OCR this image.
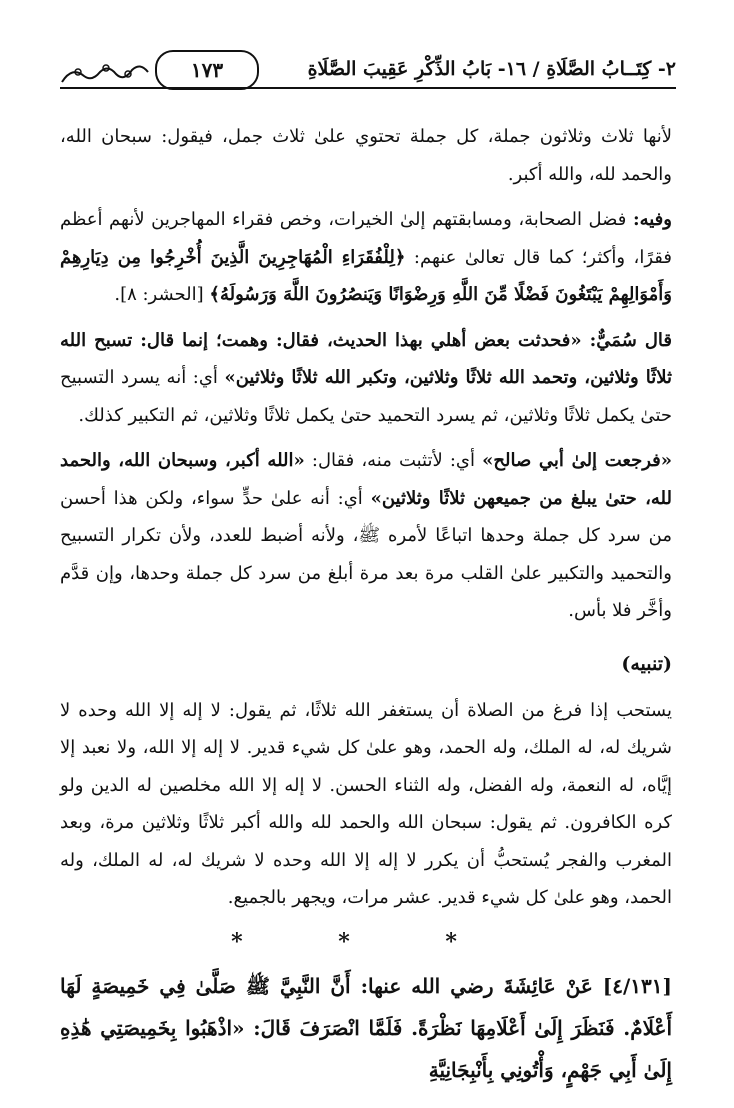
١٧٣	٢- كِتَــابُ الصَّلَاةِ / ١٦- بَابُ الذِّكْرِ عَقِيبَ الصَّلَاةِ

لأنها ثلاث وثلاثون جملة، كل جملة تحتوي علىٰ ثلاث جمل، فيقول: سبحان الله، والحمد لله، والله أكبر.

وفيه: فضل الصحابة، ومسابقتهم إلىٰ الخيرات، وخص فقراء المهاجرين لأنهم أعظم فقرًا، وأكثر؛ كما قال تعالىٰ عنهم: ﴿لِلْفُقَرَاءِ الْمُهَاجِرِينَ الَّذِينَ أُخْرِجُوا مِن دِيَارِهِمْ وَأَمْوَالِهِمْ يَبْتَغُونَ فَضْلًا مِّنَ اللَّهِ وَرِضْوَانًا وَيَنصُرُونَ اللَّهَ وَرَسُولَهُ﴾ [الحشر: ٨].

قال سُمَيٌّ: «فحدثت بعض أهلي بهذا الحديث، فقال: وهمت؛ إنما قال: تسبح الله ثلاثًا وثلاثين، وتحمد الله ثلاثًا وثلاثين، وتكبر الله ثلاثًا وثلاثين» أي: أنه يسرد التسبيح حتىٰ يكمل ثلاثًا وثلاثين، ثم يسرد التحميد حتىٰ يكمل ثلاثًا وثلاثين، ثم التكبير كذلك.

«فرجعت إلىٰ أبي صالح» أي: لأتثبت منه، فقال: «الله أكبر، وسبحان الله، والحمد لله، حتىٰ يبلغ من جميعهن ثلاثًا وثلاثين» أي: أنه علىٰ حدٍّ سواء، ولكن هذا أحسن من سرد كل جملة وحدها اتباعًا لأمره ﷺ، ولأنه أضبط للعدد، ولأن تكرار التسبيح والتحميد والتكبير علىٰ القلب مرة بعد مرة أبلغ من سرد كل جملة وحدها، وإن قدَّم وأخَّر فلا بأس.

(تنبيه)

يستحب إذا فرغ من الصلاة أن يستغفر الله ثلاثًا، ثم يقول: لا إله إلا الله وحده لا شريك له، له الملك، وله الحمد، وهو علىٰ كل شيء قدير. لا إله إلا الله، ولا نعبد إلا إيَّاه، له النعمة، وله الفضل، وله الثناء الحسن. لا إله إلا الله مخلصين له الدين ولو كره الكافرون. ثم يقول: سبحان الله والحمد لله والله أكبر ثلاثًا وثلاثين مرة، وبعد المغرب والفجر يُستحبُّ أن يكرر لا إله إلا الله وحده لا شريك له، له الملك، وله الحمد، وهو علىٰ كل شيء قدير. عشر مرات، ويجهر بالجميع.

* * *

[٤/١٣١] عَنْ عَائِشَةَ رضي الله عنها: أَنَّ النَّبِيَّ ﷺ صَلَّىٰ فِي خَمِيصَةٍ لَهَا أَعْلَامٌ. فَنَظَرَ إِلَىٰ أَعْلَامِهَا نَظْرَةً. فَلَمَّا انْصَرَفَ قَالَ: «اذْهَبُوا بِخَمِيصَتِي هَٰذِهِ إِلَىٰ أَبِي جَهْمٍ، وَأْتُونِي بِأَنْبِجَانِيَّةِ
